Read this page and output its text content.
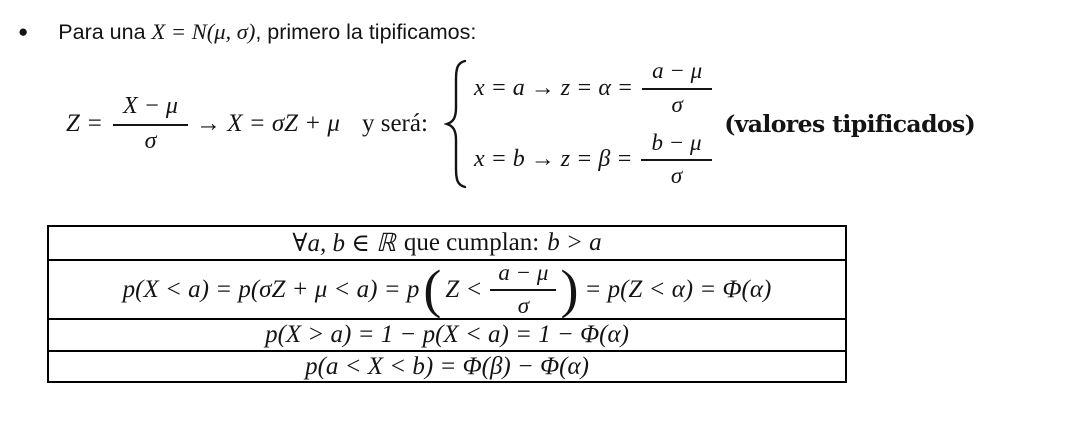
● Para una X = N(μ, σ), primero la tipificamos:
$Z = \frac{X - \mu}{\sigma} \to X = \sigma Z + \mu$ y será:
$x = a \to z = \alpha = \frac{a - \mu}{\sigma}$
$x = b \to z = \beta = \frac{b - \mu}{\sigma}$
(valores tipificados)
∀a, b ∈ ℝ que cumplan: b > a
p(X < a) = p(σZ + μ < a) = p ( $Z < \frac{a - \mu}{\sigma}$ ) = p(Z < α) = Φ(α)
p(X > a) = 1 − p(X < a) = 1 − Φ(α)
p(a < X < b) = Φ(β) − Φ(α)
